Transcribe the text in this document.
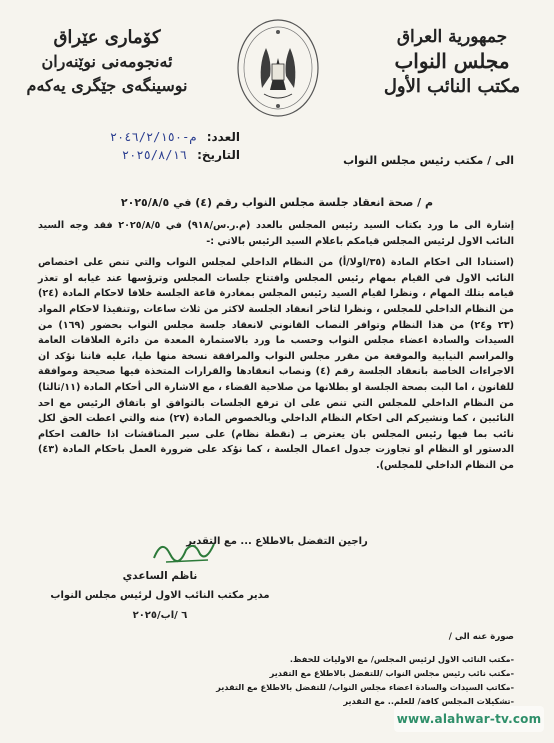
جمهورية العراق
مجلس النواب
مكتب النائب الأول
كۆماری عێراق
ئەنجومەنی نوێنەران
نوسینگەی جێگری یەکەم
العدد: م-٢٠٤٦/٢/١٥٠
التاريخ: ٢٠٢٥/٨/١٦	الى / مكتب رئيس مجلس النواب
م / صحة انعقاد جلسة مجلس النواب رقم (٤) في ٢٠٢٥/٨/٥

إشارة الى ما ورد بكتاب السيد رئيس المجلس بالعدد (م.ر.س/٩١٨) في ٢٠٢٥/٨/٥ فقد وجه السيد النائب الاول لرئيس المجلس قيامكم باعلام السيد الرئيس بالاتي :-

(استنادا الى احكام المادة (٣٥/اولا/أ) من النظام الداخلي لمجلس النواب والتي تنص على اختصاص النائب الاول في القيام بمهام رئيس المجلس وافتتاح جلسات المجلس وترؤسها عند غيابه او تعذر قيامه بتلك المهام ، ونظرا لقيام السيد رئيس المجلس بمغادرة قاعة الجلسة خلافا لاحكام المادة (٢٤) من النظام الداخلي للمجلس ، ونظرا لتاخر انعقاد الجلسة لاكثر من ثلاث ساعات ,وتنفيذا لاحكام المواد (٢٣ و٢٤) من هذا النظام وتوافر النصاب القانوني لانعقاد جلسة مجلس النواب بحضور (١٦٩) من السيدات والسادة اعضاء مجلس النواب وحسب ما ورد بالاستمارة المعدة من دائرة العلاقات العامة والمراسم النيابية والموقعة من مقرر مجلس النواب والمرافقة نسخة منها طيا، عليه فاننا نؤكد ان الاجراءات الخاصة بانعقاد الجلسة رقم (٤) ونصاب انعقادها والقرارات المتخذة فيها صحيحة وموافقة للقانون ، اما البت بصحة الجلسة او بطلانها من صلاحية القضاء ، مع الاشارة الى أحكام المادة (١١/ثالثا) من النظام الداخلي للمجلس التي تنص على ان ترفع الجلسات بالتوافق او باتفاق الرئيس مع احد النائبين ، كما ونشيركم الى احكام النظام الداخلي وبالخصوص المادة (٢٧) منه والتي اعطت الحق لكل نائب بما فيها رئيس المجلس بان يعترض بـ (نقطة نظام) على سير المناقشات اذا خالفت احكام الدستور او النظام او تجاوزت جدول اعمال الجلسة ، كما نؤكد على ضرورة العمل باحكام المادة (٤٣) من النظام الداخلي للمجلس).

راجين التفضل بالاطلاع ... مع التقدير
ناظم الساعدي
مدير مكتب النائب الاول لرئيس مجلس النواب
٦ /اب/٢٠٢٥
صورة عنه الى /
-مكتب النائب الاول لرئيس المجلس/ مع الاوليات للحفظ.
-مكتب نائب رئيس مجلس النواب /للتفضل بالاطلاع مع التقدير
-مكاتب السيدات والسادة اعضاء مجلس النواب/ للتفضل بالاطلاع مع التقدير
-تشكيلات المجلس كافة/ للعلم.. مع التقدير
www.alahwar-tv.com
